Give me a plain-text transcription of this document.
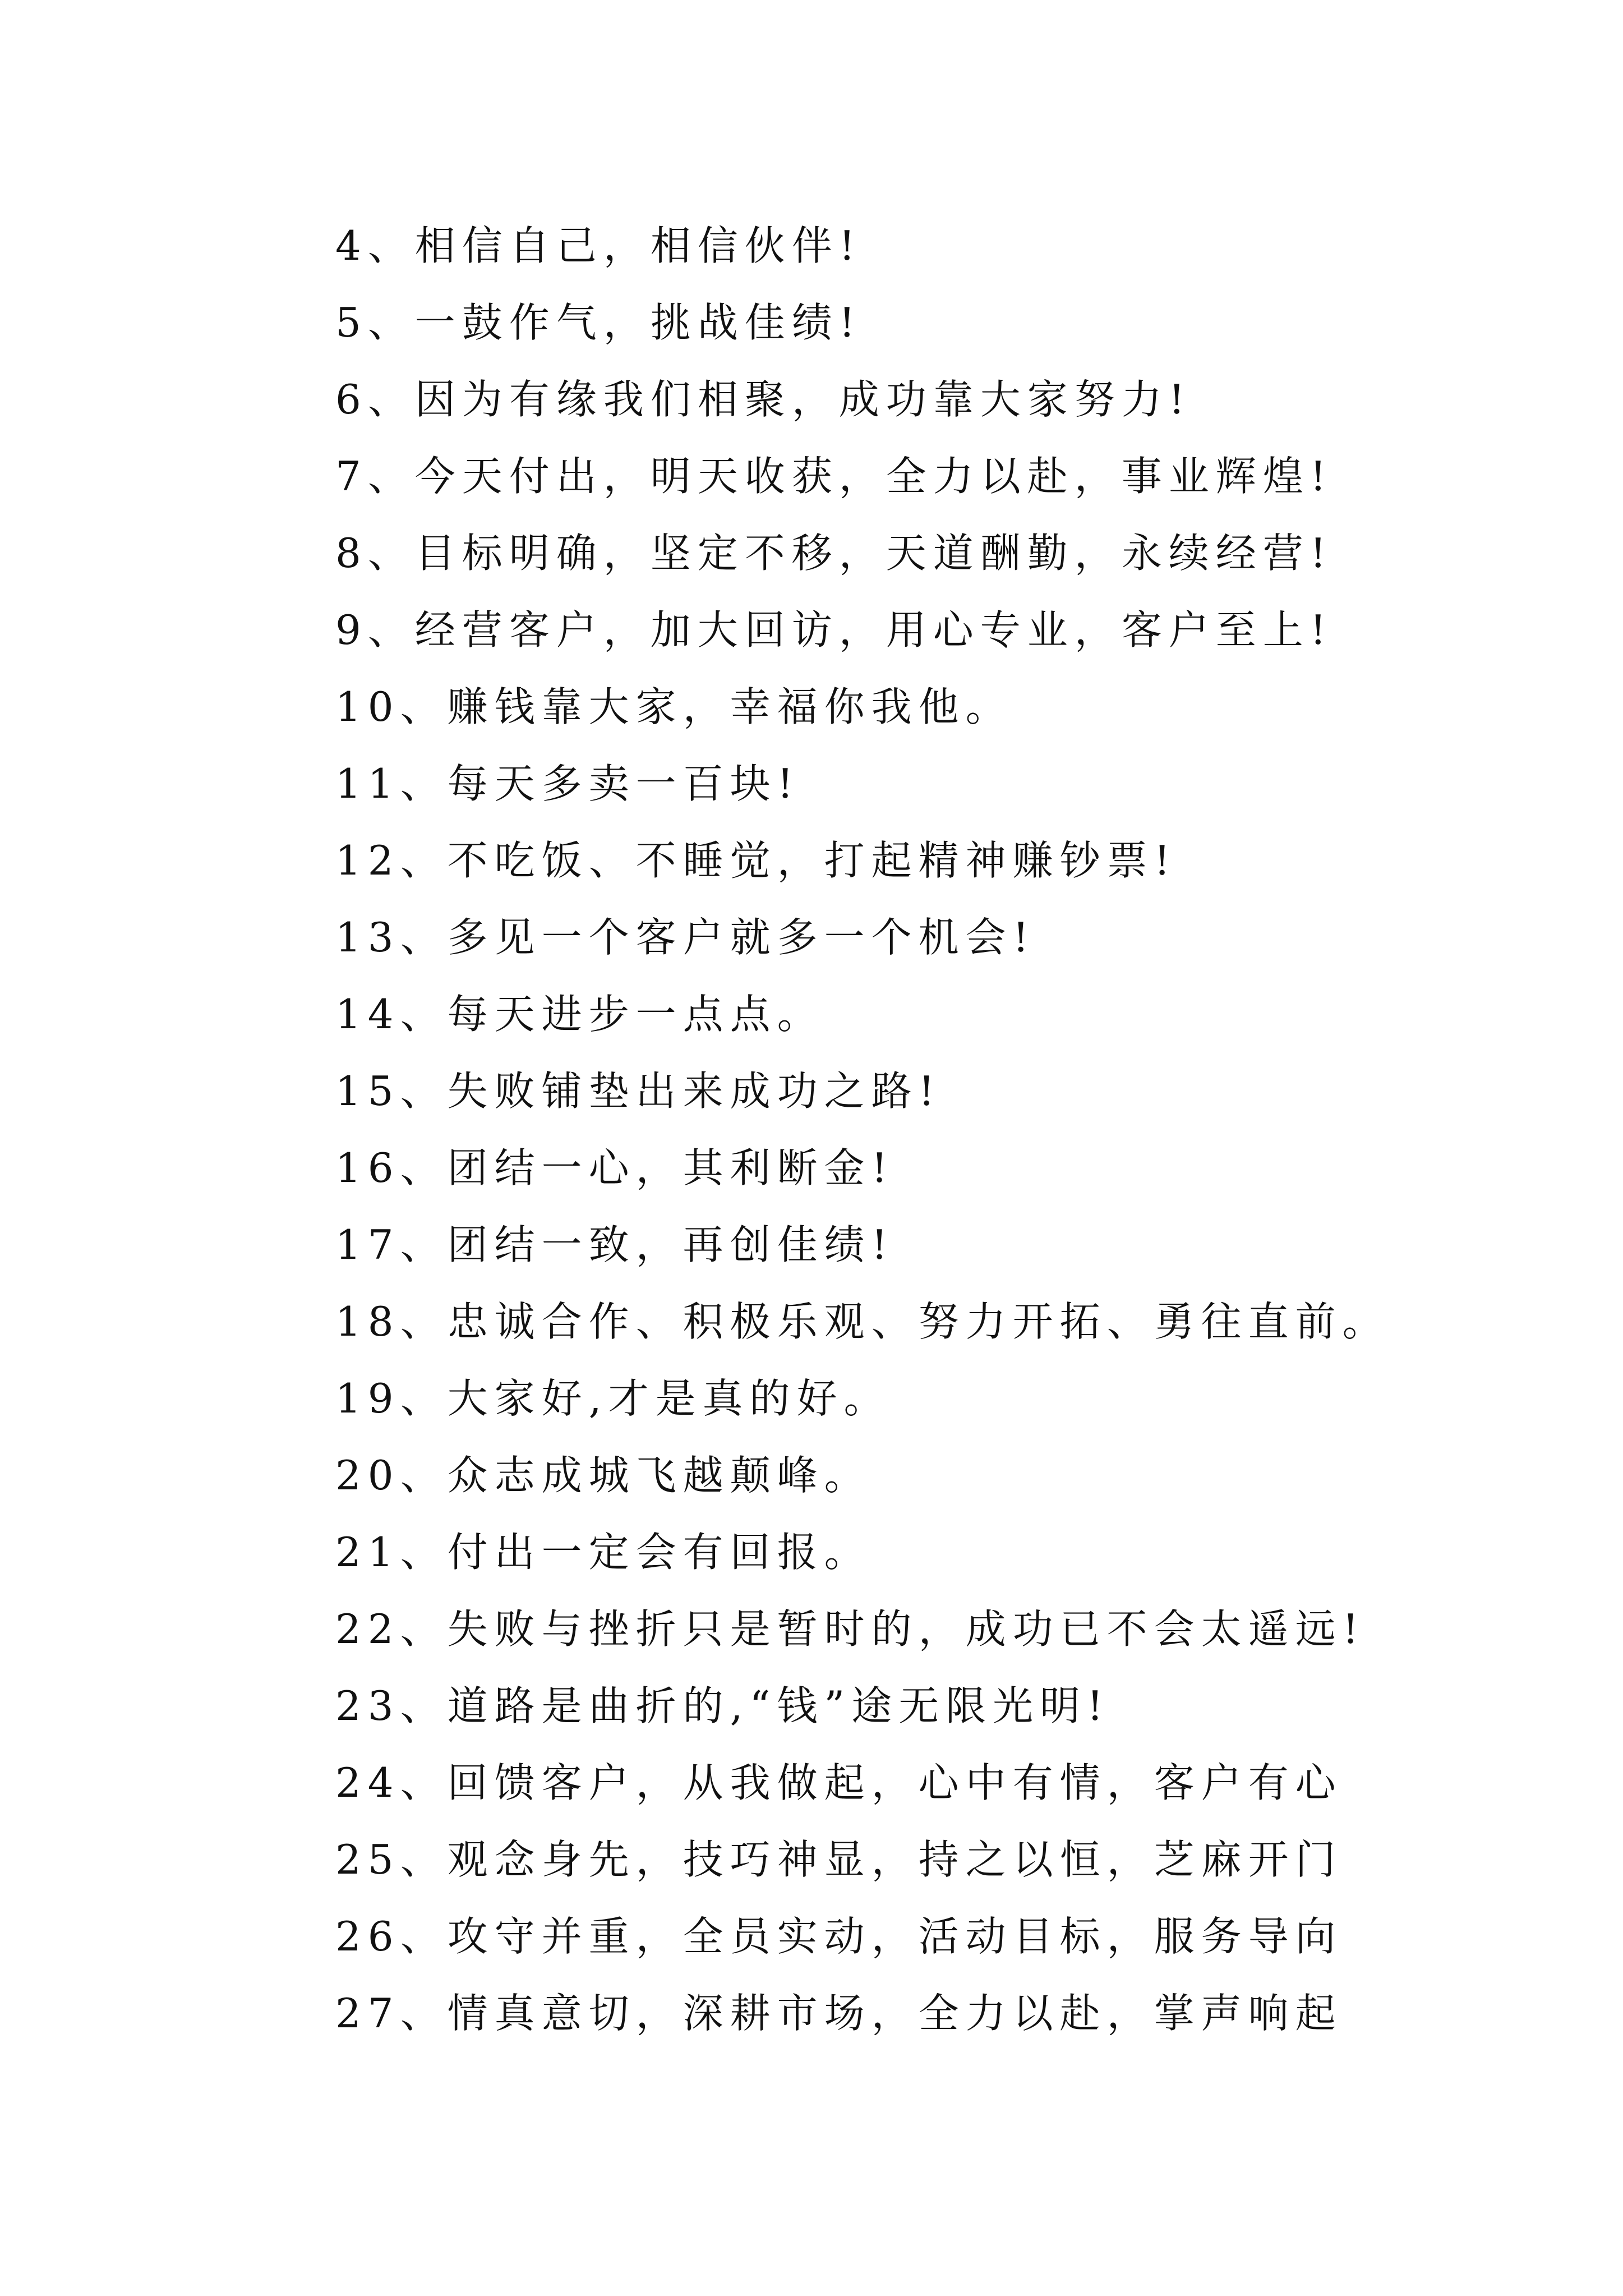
4、相信自己，相信伙伴!
5、一鼓作气，挑战佳绩!
6、因为有缘我们相聚，成功靠大家努力!
7、今天付出，明天收获，全力以赴，事业辉煌!
8、目标明确，坚定不移，天道酬勤，永续经营!
9、经营客户，加大回访，用心专业，客户至上!
10、赚钱靠大家，幸福你我他。
11、每天多卖一百块!
12、不吃饭、不睡觉，打起精神赚钞票!
13、多见一个客户就多一个机会!
14、每天进步一点点。
15、失败铺垫出来成功之路!
16、团结一心，其利断金!
17、团结一致，再创佳绩!
18、忠诚合作、积极乐观、努力开拓、勇往直前。
19、大家好,才是真的好。
20、众志成城飞越颠峰。
21、付出一定会有回报。
22、失败与挫折只是暂时的，成功已不会太遥远!
23、道路是曲折的,“钱”途无限光明!
24、回馈客户，从我做起，心中有情，客户有心
25、观念身先，技巧神显，持之以恒，芝麻开门
26、攻守并重，全员实动，活动目标，服务导向
27、情真意切，深耕市场，全力以赴，掌声响起
